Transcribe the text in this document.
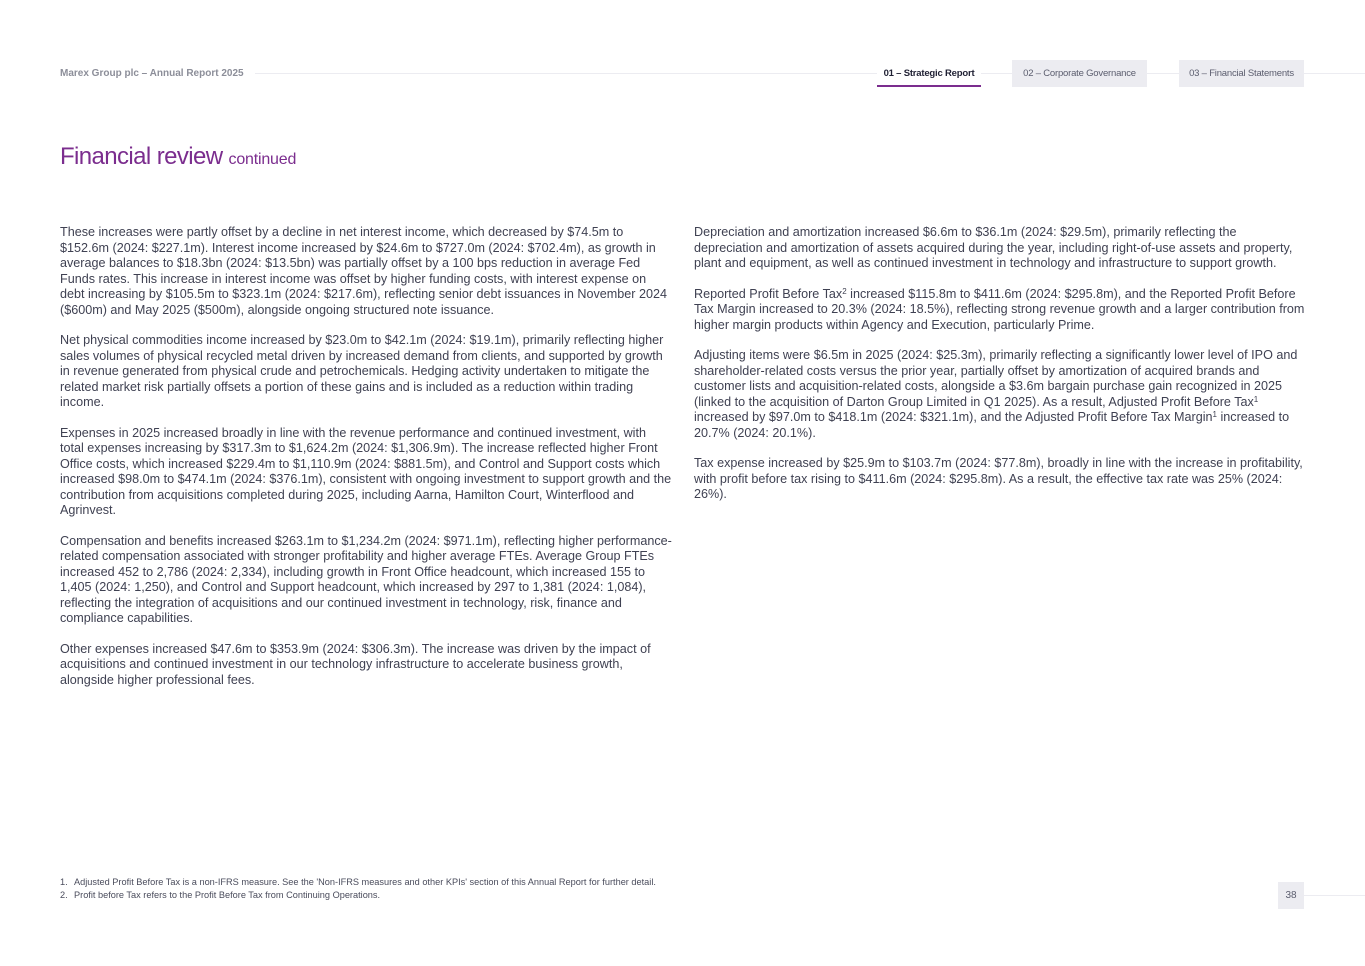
Marex Group plc – Annual Report 2025	01 – Strategic Report	02 – Corporate Governance	03 – Financial Statements
Financial review continued

These increases were partly offset by a decline in net interest income, which decreased by $74.5m to $152.6m (2024: $227.1m). Interest income increased by $24.6m to $727.0m (2024: $702.4m), as growth in average balances to $18.3bn (2024: $13.5bn) was partially offset by a 100 bps reduction in average Fed Funds rates. This increase in interest income was offset by higher funding costs, with interest expense on debt increasing by $105.5m to $323.1m (2024: $217.6m), reflecting senior debt issuances in November 2024 ($600m) and May 2025 ($500m), alongside ongoing structured note issuance.

Net physical commodities income increased by $23.0m to $42.1m (2024: $19.1m), primarily reflecting higher sales volumes of physical recycled metal driven by increased demand from clients, and supported by growth in revenue generated from physical crude and petrochemicals. Hedging activity undertaken to mitigate the related market risk partially offsets a portion of these gains and is included as a reduction within trading income.

Expenses in 2025 increased broadly in line with the revenue performance and continued investment, with total expenses increasing by $317.3m to $1,624.2m (2024: $1,306.9m). The increase reflected higher Front Office costs, which increased $229.4m to $1,110.9m (2024: $881.5m), and Control and Support costs which increased $98.0m to $474.1m (2024: $376.1m), consistent with ongoing investment to support growth and the contribution from acquisitions completed during 2025, including Aarna, Hamilton Court, Winterflood and Agrinvest.

Compensation and benefits increased $263.1m to $1,234.2m (2024: $971.1m), reflecting higher performance-related compensation associated with stronger profitability and higher average FTEs. Average Group FTEs increased 452 to 2,786 (2024: 2,334), including growth in Front Office headcount, which increased 155 to 1,405 (2024: 1,250), and Control and Support headcount, which increased by 297 to 1,381 (2024: 1,084), reflecting the integration of acquisitions and our continued investment in technology, risk, finance and compliance capabilities.

Other expenses increased $47.6m to $353.9m (2024: $306.3m). The increase was driven by the impact of acquisitions and continued investment in our technology infrastructure to accelerate business growth, alongside higher professional fees.

Depreciation and amortization increased $6.6m to $36.1m (2024: $29.5m), primarily reflecting the depreciation and amortization of assets acquired during the year, including right-of-use assets and property, plant and equipment, as well as continued investment in technology and infrastructure to support growth.

Reported Profit Before Tax$^2$ increased $115.8m to $411.6m (2024: $295.8m), and the Reported Profit Before Tax Margin increased to 20.3% (2024: 18.5%), reflecting strong revenue growth and a larger contribution from higher margin products within Agency and Execution, particularly Prime.

Adjusting items were $6.5m in 2025 (2024: $25.3m), primarily reflecting a significantly lower level of IPO and shareholder-related costs versus the prior year, partially offset by amortization of acquired brands and customer lists and acquisition-related costs, alongside a $3.6m bargain purchase gain recognized in 2025 (linked to the acquisition of Darton Group Limited in Q1 2025). As a result, Adjusted Profit Before Tax$^1$ increased by $97.0m to $418.1m (2024: $321.1m), and the Adjusted Profit Before Tax Margin$^1$ increased to 20.7% (2024: 20.1%).

Tax expense increased by $25.9m to $103.7m (2024: $77.8m), broadly in line with the increase in profitability, with profit before tax rising to $411.6m (2024: $295.8m). As a result, the effective tax rate was 25% (2024: 26%).

1. Adjusted Profit Before Tax is a non-IFRS measure. See the 'Non-IFRS measures and other KPIs' section of this Annual Report for further detail.
2. Profit before Tax refers to the Profit Before Tax from Continuing Operations.	38
